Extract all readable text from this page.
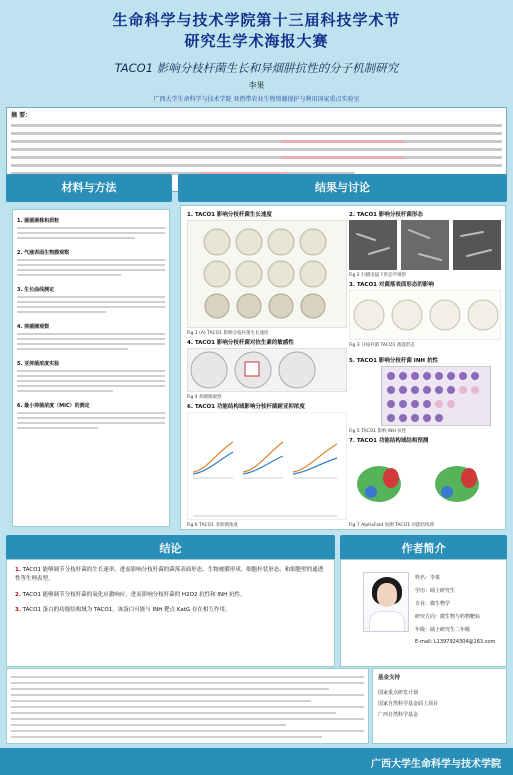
生命科学与技术学院第十三届科技学术节
研究生学术海报大赛
TACO1 影响分枝杆菌生长和异烟肼抗性的分子机制研究
李果
广西大学生命科学与技术学院 亚热带农业生物资源保护与利用国家重点实验室
摘 要：
材料与方法	结果与讨论
1. 菌菌菌株和质粒
2. 气液表面生物膜观察
3. 生长曲线测定
4. 抑菌圈观察
5. 亚抑菌浓度实验
6. 最小抑菌浓度（MIC）的测定
1. TACO1 影响分枝杆菌生长速度
Fig 1 (A) TACO1 影响分枝杆菌生长速度
2. TACO1 影响分枝杆菌形态
Fig 2 扫描电镜下形态学观察
3. TACO1 对菌落表面形态的影响
Fig 3 分枝杆菌 TACO1 菌落形态
4. TACO1 影响分枝杆菌对抗生素的敏感性
Fig 4 抑菌圈观察
5. TACO1 影响分枝杆菌 INH 抗性
Fig 5 TACO1 影响 INH 抗性
6. TACO1 功能结构域影响分枝杆菌耐亚抑浓度
Fig 6 TACO1 亚抑菌浓度
7. TACO1 功能结构域结构预测
Fig 7 AlphaFold 预测 TACO1 功能结构域
结论	作者简介
1. TACO1 能够调节分枝杆菌的生长速率，进而影响分枝杆菌的菌落表面形态、生物被膜形成、细胞杆状形态、和细胞壁的通透性等生理表型。
2. TACO1 能够调节分枝杆菌的氧化应激响应，进而影响分枝杆菌的 H2O2 抗性和 INH 抗性。
3. TACO1 蛋白的功能结构域为 TACO1，该蛋白可能与 INH 靶点 KatG 存在相互作用。
姓名：李果
学历：硕士研究生
专业：微生物学
研究方向：微生物与药物靶标
年级：硕士研究生二年级
E-mail: L1397924304@163.com
基金支持
国家重点研发计划
国家自然科学基金面上项目
广西自然科学基金
广西大学生命科学与技术学院
